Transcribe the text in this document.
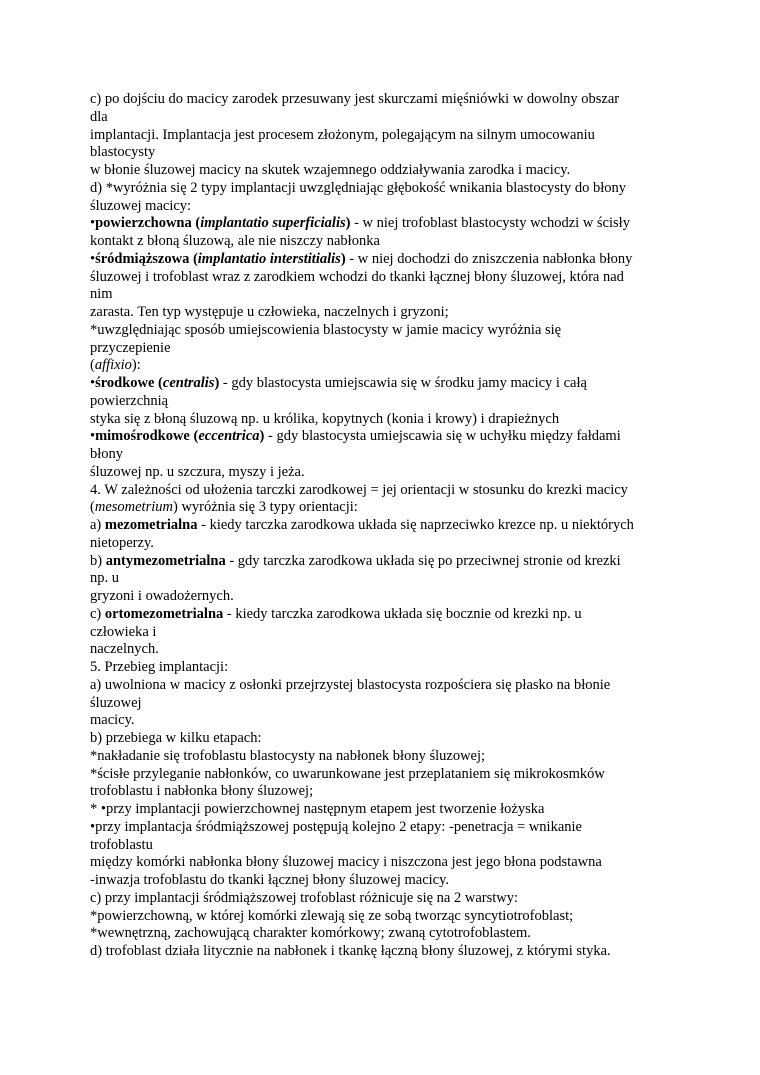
c) po dojściu do macicy zarodek przesuwany jest skurczami mięśniówki w dowolny obszar
dla
implantacji. Implantacja jest procesem złożonym, polegającym na silnym umocowaniu
blastocysty
w błonie śluzowej macicy na skutek wzajemnego oddziaływania zarodka i macicy.
d) *wyróżnia się 2 typy implantacji uwzględniając głębokość wnikania blastocysty do błony
śluzowej macicy:
•powierzchowna (implantatio superficialis) - w niej trofoblast blastocysty wchodzi w ścisły
kontakt z błoną śluzową, ale nie niszczy nabłonka
•śródmiąższowa (implantatio interstitialis) - w niej dochodzi do zniszczenia nabłonka błony
śluzowej i trofoblast wraz z zarodkiem wchodzi do tkanki łącznej błony śluzowej, która nad
nim
zarasta. Ten typ występuje u człowieka, naczelnych i gryzoni;
*uwzględniając sposób umiejscowienia blastocysty w jamie macicy wyróżnia się
przyczepienie
(affixio):
•środkowe (centralis) - gdy blastocysta umiejscawia się w środku jamy macicy i całą
powierzchnią
styka się z błoną śluzową np. u królika, kopytnych (konia i krowy) i drapieżnych
•mimośrodkowe (eccentrica) - gdy blastocysta umiejscawia się w uchyłku między fałdami
błony
śluzowej np. u szczura, myszy i jeża.
4. W zależności od ułożenia tarczki zarodkowej = jej orientacji w stosunku do krezki macicy
(mesometrium) wyróżnia się 3 typy orientacji:
a) mezometrialna - kiedy tarczka zarodkowa układa się naprzeciwko krezce np. u niektórych
nietoperzy.
b) antymezometrialna - gdy tarczka zarodkowa układa się po przeciwnej stronie od krezki
np. u
gryzoni i owadożernych.
c) ortomezometrialna - kiedy tarczka zarodkowa układa się bocznie od krezki np. u
człowieka i
naczelnych.
5. Przebieg implantacji:
a) uwolniona w macicy z osłonki przejrzystej blastocysta rozpościera się płasko na błonie
śluzowej
macicy.
b) przebiega w kilku etapach:
*nakładanie się trofoblastu blastocysty na nabłonek błony śluzowej;
*ścisłe przyleganie nabłonków, co uwarunkowane jest przeplataniem się mikrokosmków
trofoblastu i nabłonka błony śluzowej;
* •przy implantacji powierzchownej następnym etapem jest tworzenie łożyska
•przy implantacja śródmiąższowej postępują kolejno 2 etapy: -penetracja = wnikanie
trofoblastu
między komórki nabłonka błony śluzowej macicy i niszczona jest jego błona podstawna
-inwazja trofoblastu do tkanki łącznej błony śluzowej macicy.
c) przy implantacji śródmiąższowej trofoblast różnicuje się na 2 warstwy:
*powierzchowną, w której komórki zlewają się ze sobą tworząc syncytiotrofoblast;
*wewnętrzną, zachowującą charakter komórkowy; zwaną cytotrofoblastem.
d) trofoblast działa litycznie na nabłonek i tkankę łączną błony śluzowej, z którymi styka.
